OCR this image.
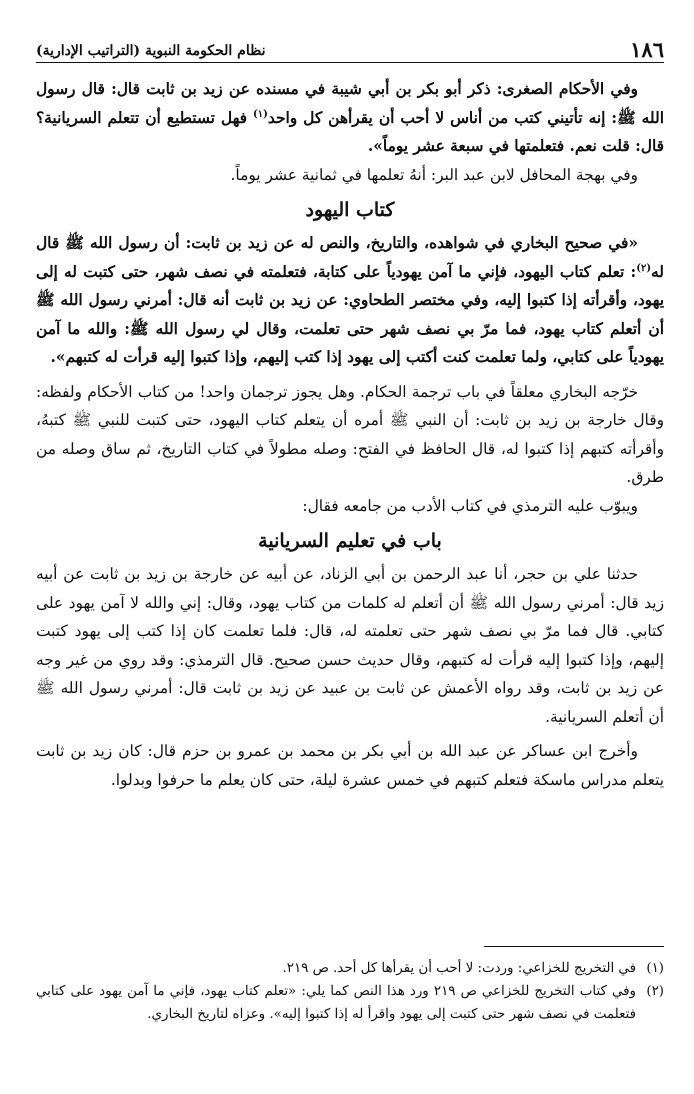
١٨٦
نظام الحكومة النبوية (التراتيب الإدارية)

وفي الأحكام الصغرى: ذكر أبو بكر بن أبي شيبة في مسنده عن زيد بن ثابت قال: قال رسول الله ﷺ: إنه تأتيني كتب من أناس لا أحب أن يقرأهن كل واحد$^{(١)}$ فهل تستطيع أن تتعلم السريانية؟ قال: قلت نعم. فتعلمتها في سبعة عشر يوماً».

وفي بهجة المحافل لابن عبد البر: أنهُ تعلمها في ثمانية عشر يوماً.

كتاب اليهود

«في صحيح البخاري في شواهده، والتاريخ، والنص له عن زيد بن ثابت: أن رسول الله ﷺ قال له$^{(٢)}$: تعلم كتاب اليهود، فإني ما آمن يهودياً على كتابة، فتعلمته في نصف شهر، حتى كتبت له إلى يهود، وأقرأته إذا كتبوا إليه، وفي مختصر الطحاوي: عن زيد بن ثابت أنه قال: أمرني رسول الله ﷺ أن أتعلم كتاب يهود، فما مرّ بي نصف شهر حتى تعلمت، وقال لي رسول الله ﷺ: والله ما آمن يهودياً على كتابي، ولما تعلمت كنت أكتب إلى يهود إذا كتب إليهم، وإذا كتبوا إليه قرأت له كتبهم».

خرّجه البخاري معلقاً في باب ترجمة الحكام. وهل يجوز ترجمان واحد! من كتاب الأحكام ولفظه: وقال خارجة بن زيد بن ثابت: أن النبي ﷺ أمره أن يتعلم كتاب اليهود، حتى كتبت للنبي ﷺ كتبهُ، وأقرأته كتبهم إذا كتبوا له، قال الحافظ في الفتح: وصله مطولاً في كتاب التاريخ، ثم ساق وصله من طرق.

ويبوّب عليه الترمذي في كتاب الأدب من جامعه فقال:

باب في تعليم السريانية

حدثنا علي بن حجر، أنا عبد الرحمن بن أبي الزناد، عن أبيه عن خارجة بن زيد بن ثابت عن أبيه زيد قال: أمرني رسول الله ﷺ أن أتعلم له كلمات من كتاب يهود، وقال: إني والله لا آمن يهود على كتابي. قال فما مرّ بي نصف شهر حتى تعلمته له، قال: فلما تعلمت كان إذا كتب إلى يهود كتبت إليهم، وإذا كتبوا إليه قرأت له كتبهم، وقال حديث حسن صحيح. قال الترمذي: وقد روي من غير وجه عن زيد بن ثابت، وقد رواه الأعمش عن ثابت بن عبيد عن زيد بن ثابت قال: أمرني رسول الله ﷺ أن أتعلم السريانية.

وأخرج ابن عساكر عن عبد الله بن أبي بكر بن محمد بن عمرو بن حزم قال: كان زيد بن ثابت يتعلم مدراس ماسكة فتعلم كتبهم في خمس عشرة ليلة، حتى كان يعلم ما حرفوا وبدلوا.

(١)
في التخريج للخزاعي: وردت: لا أحب أن يقرأها كل أحد. ص ٢١٩.
(٢)
وفي كتاب التخريج للخزاعي ص ٢١٩ ورد هذا النص كما يلي: «تعلم كتاب يهود، فإني ما آمن يهود على كتابي فتعلمت في نصف شهر حتى كتبت إلى يهود واقرأ له إذا كتبوا إليه». وعزاه لتاريخ البخاري.
